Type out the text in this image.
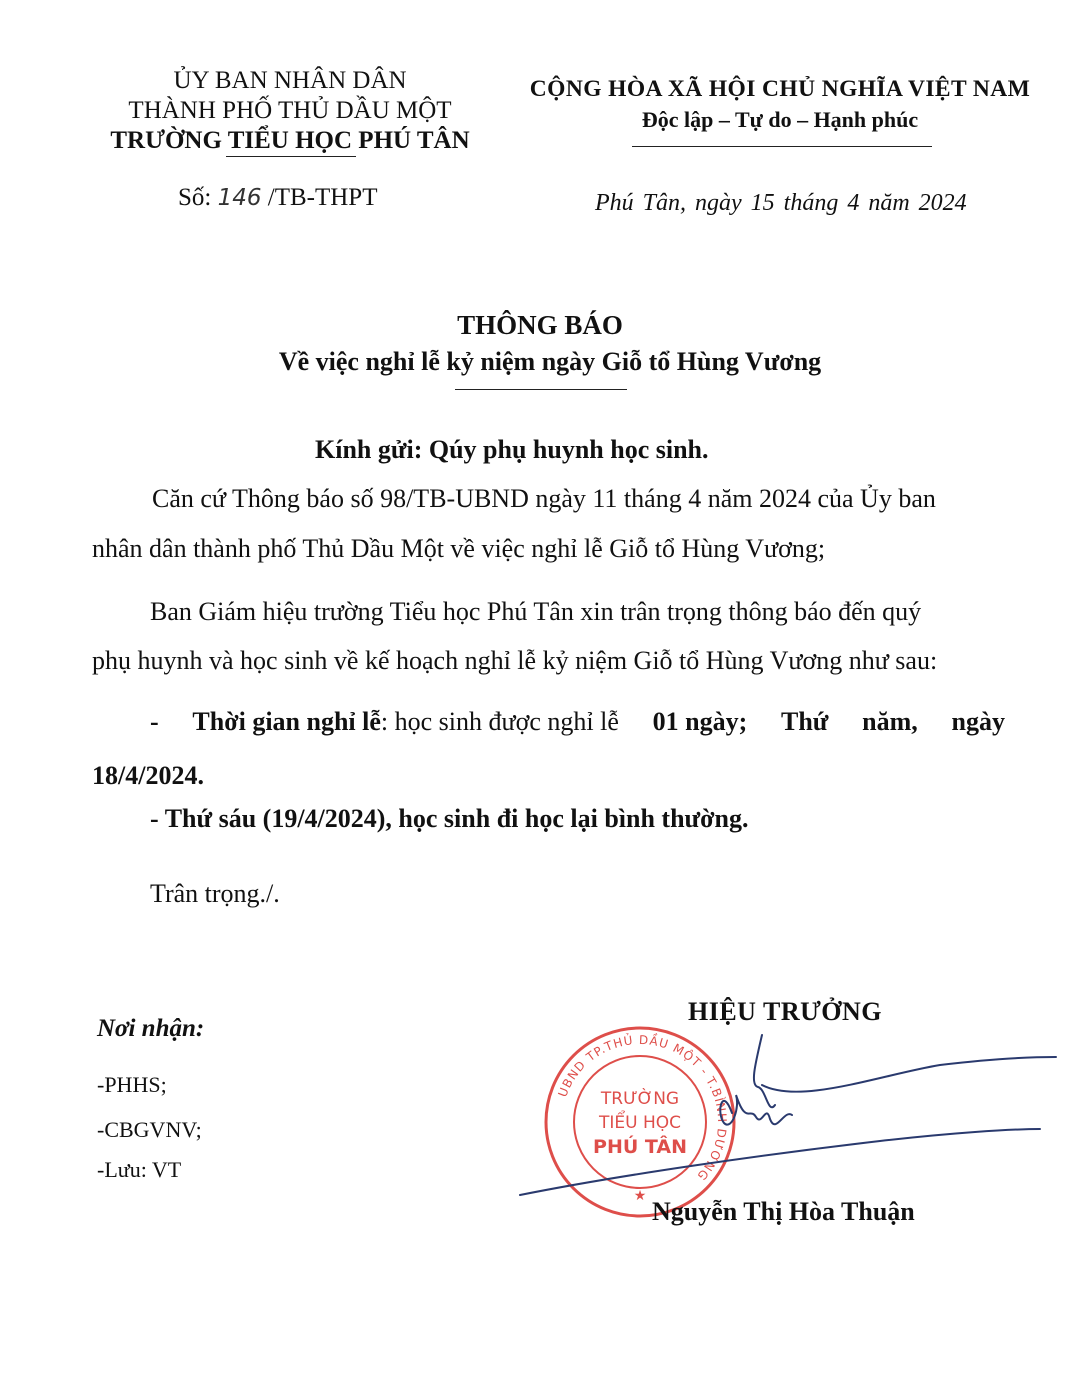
ỦY BAN NHÂN DÂN
THÀNH PHỐ THỦ DẦU MỘT
TRƯỜNG TIỂU HỌC PHÚ TÂN
CỘNG HÒA XÃ HỘI CHỦ NGHĨA VIỆT NAM
Độc lập – Tự do – Hạnh phúc
Số: 146 /TB-THPT	Phú Tân, ngày 15 tháng 4 năm 2024
THÔNG BÁO
Về việc nghỉ lễ kỷ niệm ngày Giỗ tổ Hùng Vương
Kính gửi: Qúy phụ huynh học sinh.
Căn cứ Thông báo số 98/TB-UBND ngày 11 tháng 4 năm 2024 của Ủy ban
nhân dân thành phố Thủ Dầu Một về việc nghỉ lễ Giỗ tổ Hùng Vương;
Ban Giám hiệu trường Tiểu học Phú Tân xin trân trọng thông báo đến quý
phụ huynh và học sinh về kế hoạch nghỉ lễ kỷ niệm Giỗ tổ Hùng Vương như sau:
- Thời gian nghỉ lễ: học sinh được nghỉ lễ 01 ngày; Thứ năm, ngày
18/4/2024.
- Thứ sáu (19/4/2024), học sinh đi học lại bình thường.
Trân trọng./.
Nơi nhận:
-PHHS;
-CBGVNV;
-Lưu: VT
HIỆU TRƯỞNG
UBND TP.THỦ DẦU MỘT - T.BÌNH DƯƠNG
TRƯỜNG
TIỂU HỌC
PHÚ TÂN
★
Nguyễn Thị Hòa Thuận
